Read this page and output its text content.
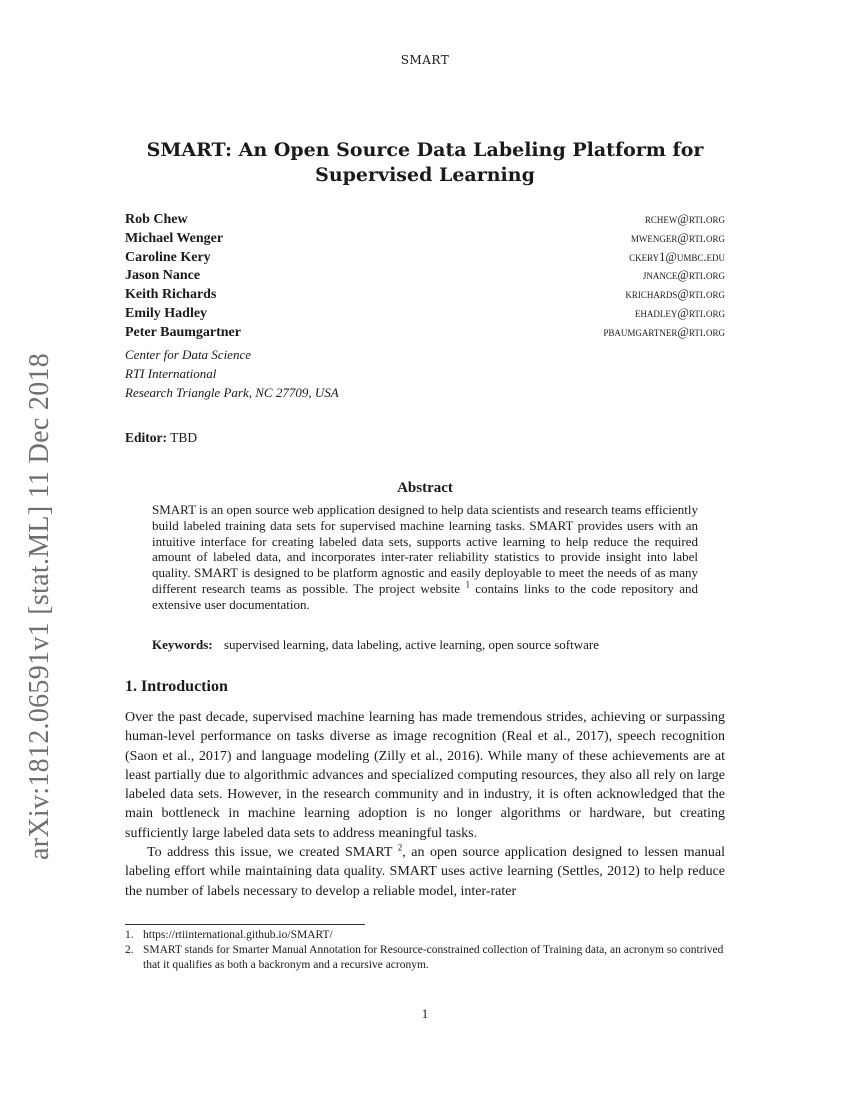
SMART
arXiv:1812.06591v1 [stat.ML] 11 Dec 2018
SMART: An Open Source Data Labeling Platform for
Supervised Learning
Rob Chew	rchew@rti.org
Michael Wenger	mwenger@rti.org
Caroline Kery	ckery1@umbc.edu
Jason Nance	jnance@rti.org
Keith Richards	krichards@rti.org
Emily Hadley	ehadley@rti.org
Peter Baumgartner	pbaumgartner@rti.org
Center for Data Science
RTI International
Research Triangle Park, NC 27709, USA
Editor: TBD
Abstract
SMART is an open source web application designed to help data scientists and research teams efficiently build labeled training data sets for supervised machine learning tasks. SMART provides users with an intuitive interface for creating labeled data sets, supports active learning to help reduce the required amount of labeled data, and incorporates inter-rater reliability statistics to provide insight into label quality. SMART is designed to be platform agnostic and easily deployable to meet the needs of as many different research teams as possible. The project website $^1$ contains links to the code repository and extensive user documentation.
Keywords: supervised learning, data labeling, active learning, open source software
1. Introduction

Over the past decade, supervised machine learning has made tremendous strides, achieving or surpassing human-level performance on tasks diverse as image recognition (Real et al., 2017), speech recognition (Saon et al., 2017) and language modeling (Zilly et al., 2016). While many of these achievements are at least partially due to algorithmic advances and specialized computing resources, they also all rely on large labeled data sets. However, in the research community and in industry, it is often acknowledged that the main bottleneck in machine learning adoption is no longer algorithms or hardware, but creating sufficiently large labeled data sets to address meaningful tasks.

To address this issue, we created SMART $^2$, an open source application designed to lessen manual labeling effort while maintaining data quality. SMART uses active learning (Settles, 2012) to help reduce the number of labels necessary to develop a reliable model, inter-rater

1. https://rtiinternational.github.io/SMART/
2. SMART stands for Smarter Manual Annotation for Resource-constrained collection of Training data, an acronym so contrived that it qualifies as both a backronym and a recursive acronym.
1
